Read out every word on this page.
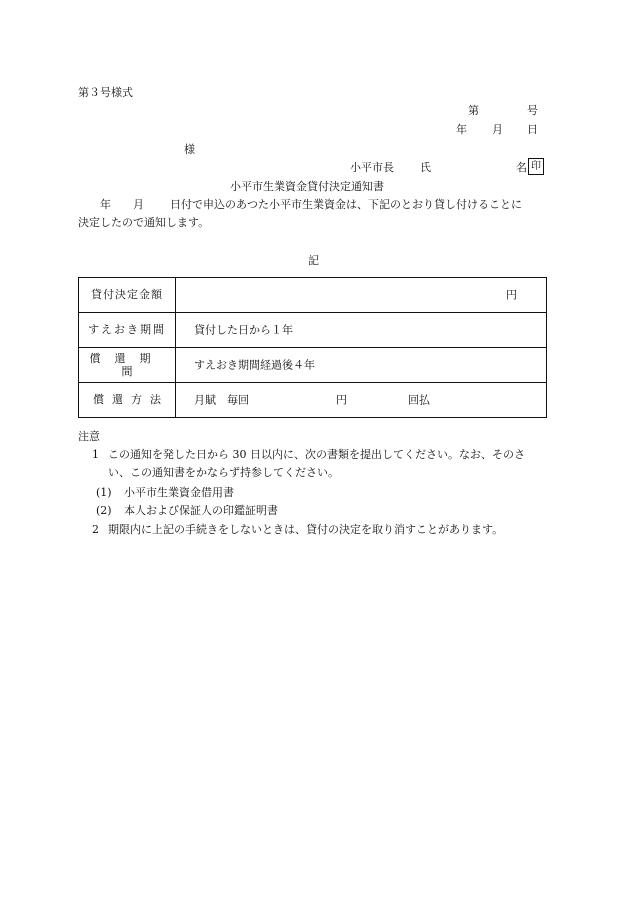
第３号様式
第	号
年 月 日
様
小平市長 氏	名 印
小平市生業資金貸付決定通知書
年 月 日付で申込のあつた小平市生業資金は、下記のとおり貸し付けることに
決定したので通知します。
記
貸付決定金額	円

すえおき期間	貸付した日から１年

償還期間	すえおき期間経過後４年

償還方法	月賦　毎回 円 回払
注意
1 この通知を発した日から 30 日以内に、次の書類を提出してください。なお、そのさ
い、この通知書をかならず持参してください。
(1) 小平市生業資金借用書
(2) 本人および保証人の印鑑証明書
2 期限内に上記の手続きをしないときは、貸付の決定を取り消すことがあります。
